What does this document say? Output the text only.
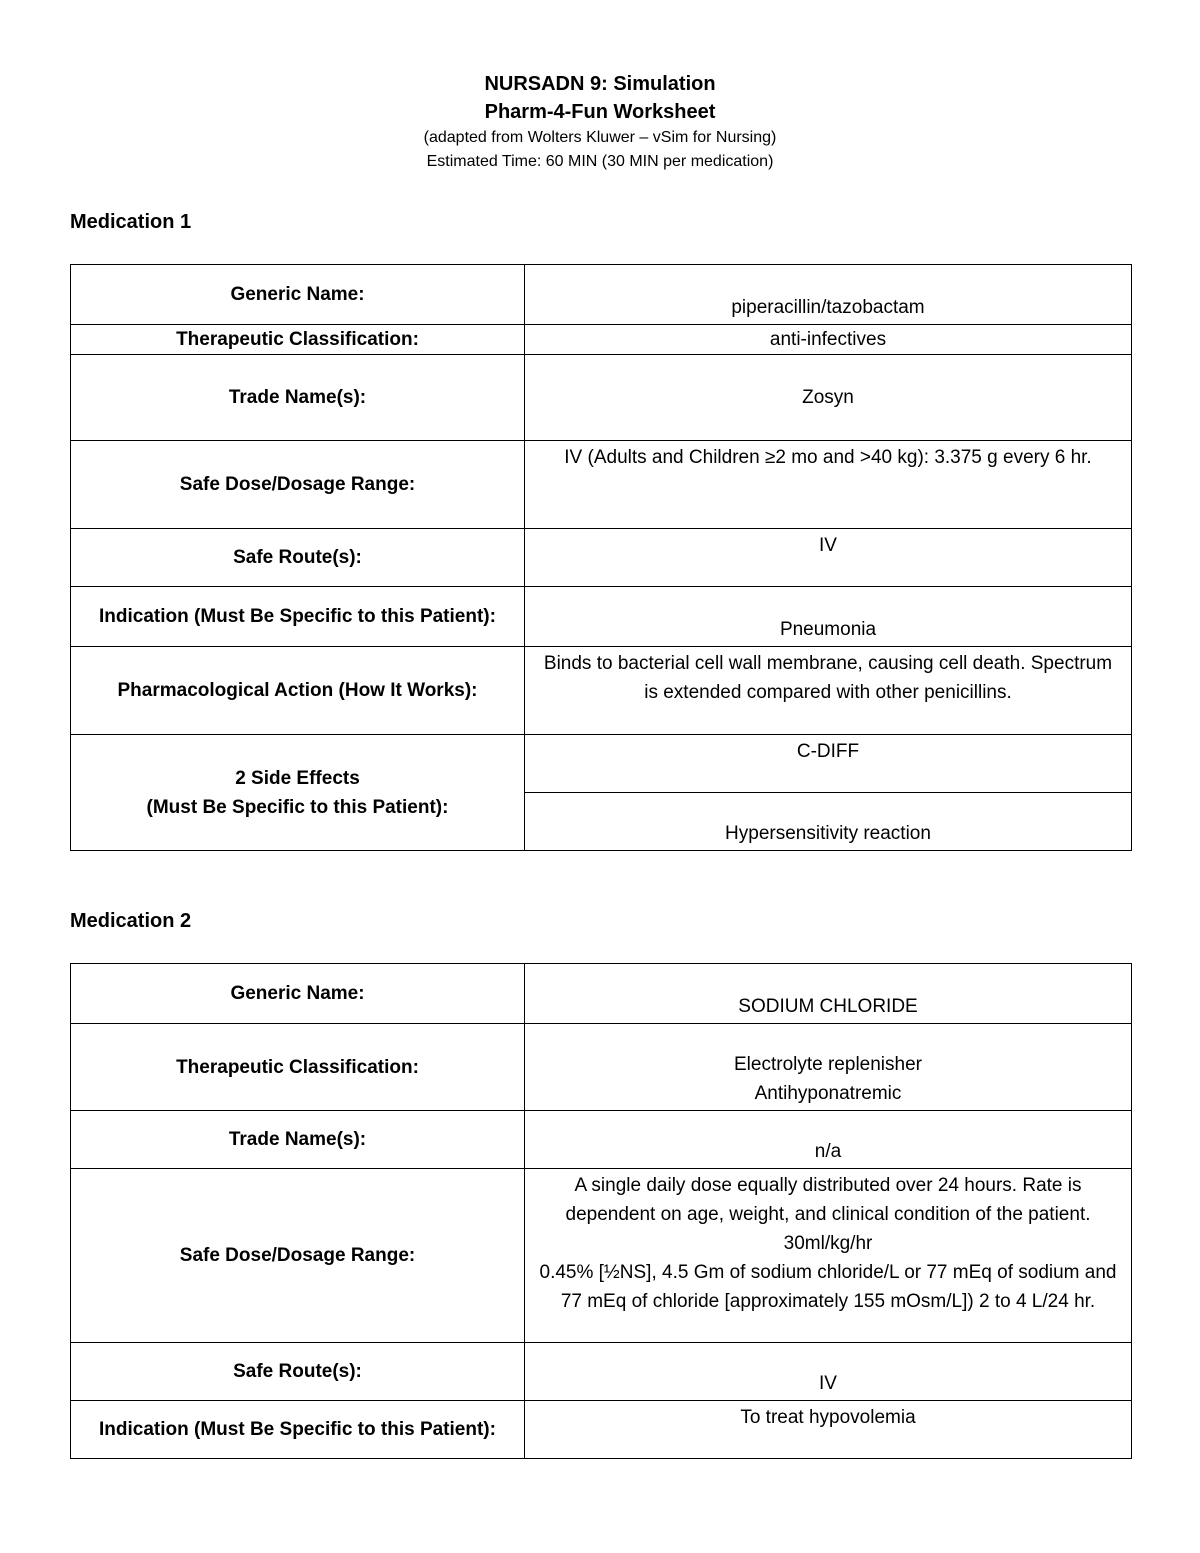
NURSADN 9: Simulation
Pharm-4-Fun Worksheet
(adapted from Wolters Kluwer – vSim for Nursing)
Estimated Time: 60 MIN (30 MIN per medication)
Medication 1
Generic Name:	piperacillin/tazobactam
Therapeutic Classification:	anti-infectives
Trade Name(s):	Zosyn
Safe Dose/Dosage Range:	IV (Adults and Children ≥2 mo and >40 kg): 3.375 g every 6 hr.
Safe Route(s):	IV
Indication (Must Be Specific to this Patient):	Pneumonia
Pharmacological Action (How It Works):	Binds to bacterial cell wall membrane, causing cell death. Spectrum is extended compared with other penicillins.

2 Side Effects
(Must Be Specific to this Patient):	C-DIFF
	Hypersensitivity reaction
Medication 2
Generic Name:	SODIUM CHLORIDE
Therapeutic Classification:	Electrolyte replenisher
Antihyponatremic

Trade Name(s):	n/a
Safe Dose/Dosage Range:	A single daily dose equally distributed over 24 hours. Rate is dependent on age, weight, and clinical condition of the patient. 30ml/kg/hr
0.45% [½NS], 4.5 Gm of sodium chloride/L or 77 mEq of sodium and 77 mEq of chloride [approximately 155 mOsm/L]) 2 to 4 L/24 hr.

Safe Route(s):	IV
Indication (Must Be Specific to this Patient):	To treat hypovolemia
